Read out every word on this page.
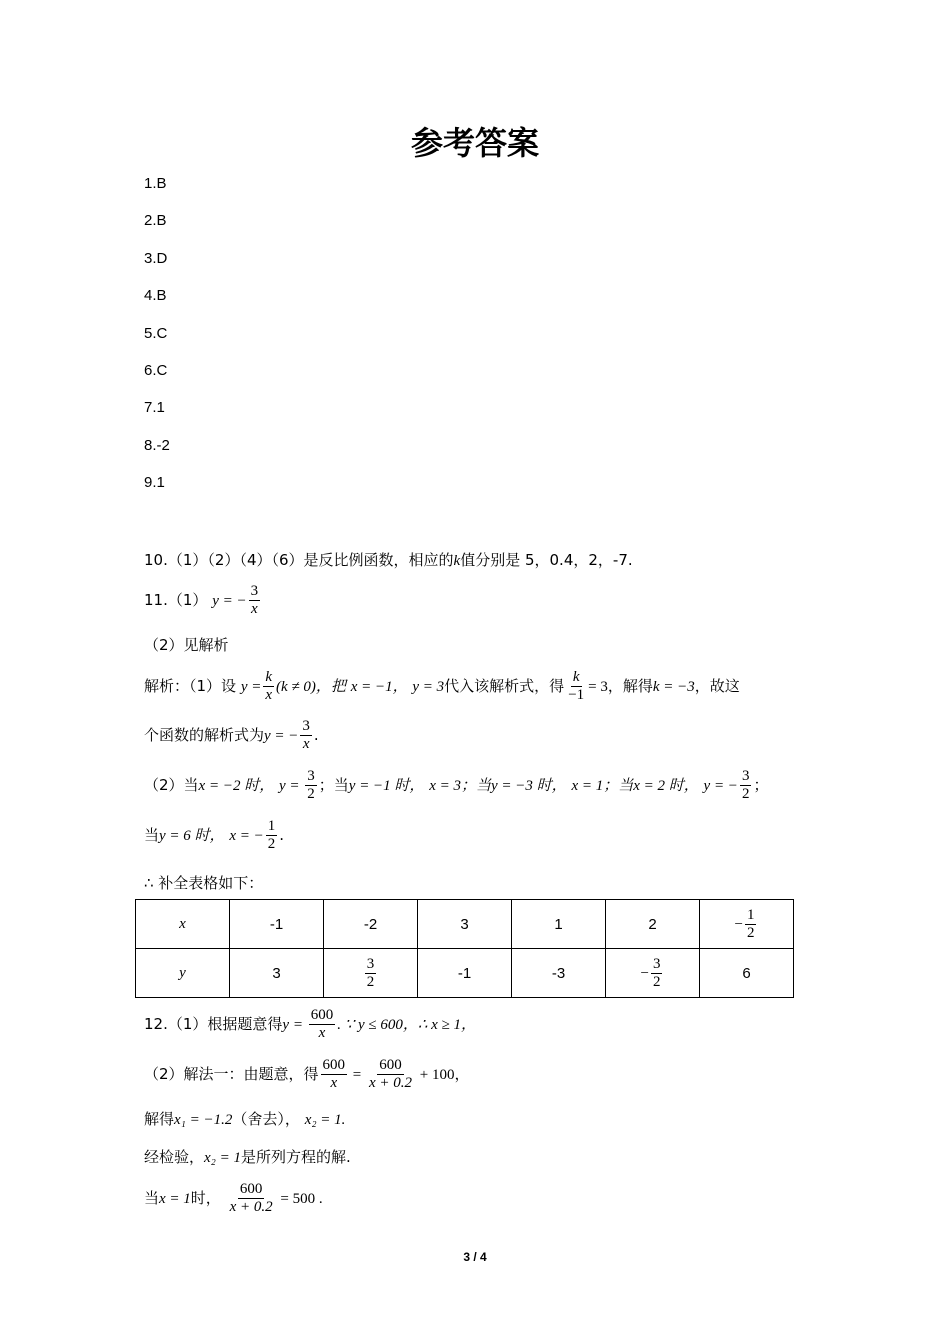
参考答案
1.B
2.B
3.D
4.B
5.C
6.C
7.1
8.-2
9.1
10.（1）（2）（4）（6）是反比例函数，相应的k值分别是 5，0.4，2，-7.
11.（1） y = − $\frac{3}{x}$
（2）见解析
解析：（1）设 $y = \frac{k}{x} (k \ne 0)$，把 x = −1， y = 3代入该解析式，得 $\frac{k}{-1} = 3$，解得k = −3，故这
个函数的解析式为y = − $\frac{3}{x}$ .
（2）当x = −2 时， $y = \frac{3}{2}$ ；当y = −1 时， x = 3；当y = −3 时， x = 1；当x = 2 时， y = − $\frac{3}{2}$ ；
当y = 6 时， x = − $\frac{1}{2}$ .
∴ 补全表格如下：
x	-1	-2	3	1	2	− $\frac{1}{2}$

y	3	$\frac{3}{2}$	-1	-3	− $\frac{3}{2}$	6
12.（1）根据题意得$y = \frac{600}{x}$ . ∵ y ≤ 600，∴ x ≥ 1，
（2）解法一：由题意，得 $\frac{600}{x} = \frac{600}{x + 0.2} + 100$，
解得x₁ = −1.2（舍去）， x₂ = 1.
经检验，x₂ = 1是所列方程的解.
当x = 1时， $\frac{600}{x + 0.2} = 500$ .
3 / 4
